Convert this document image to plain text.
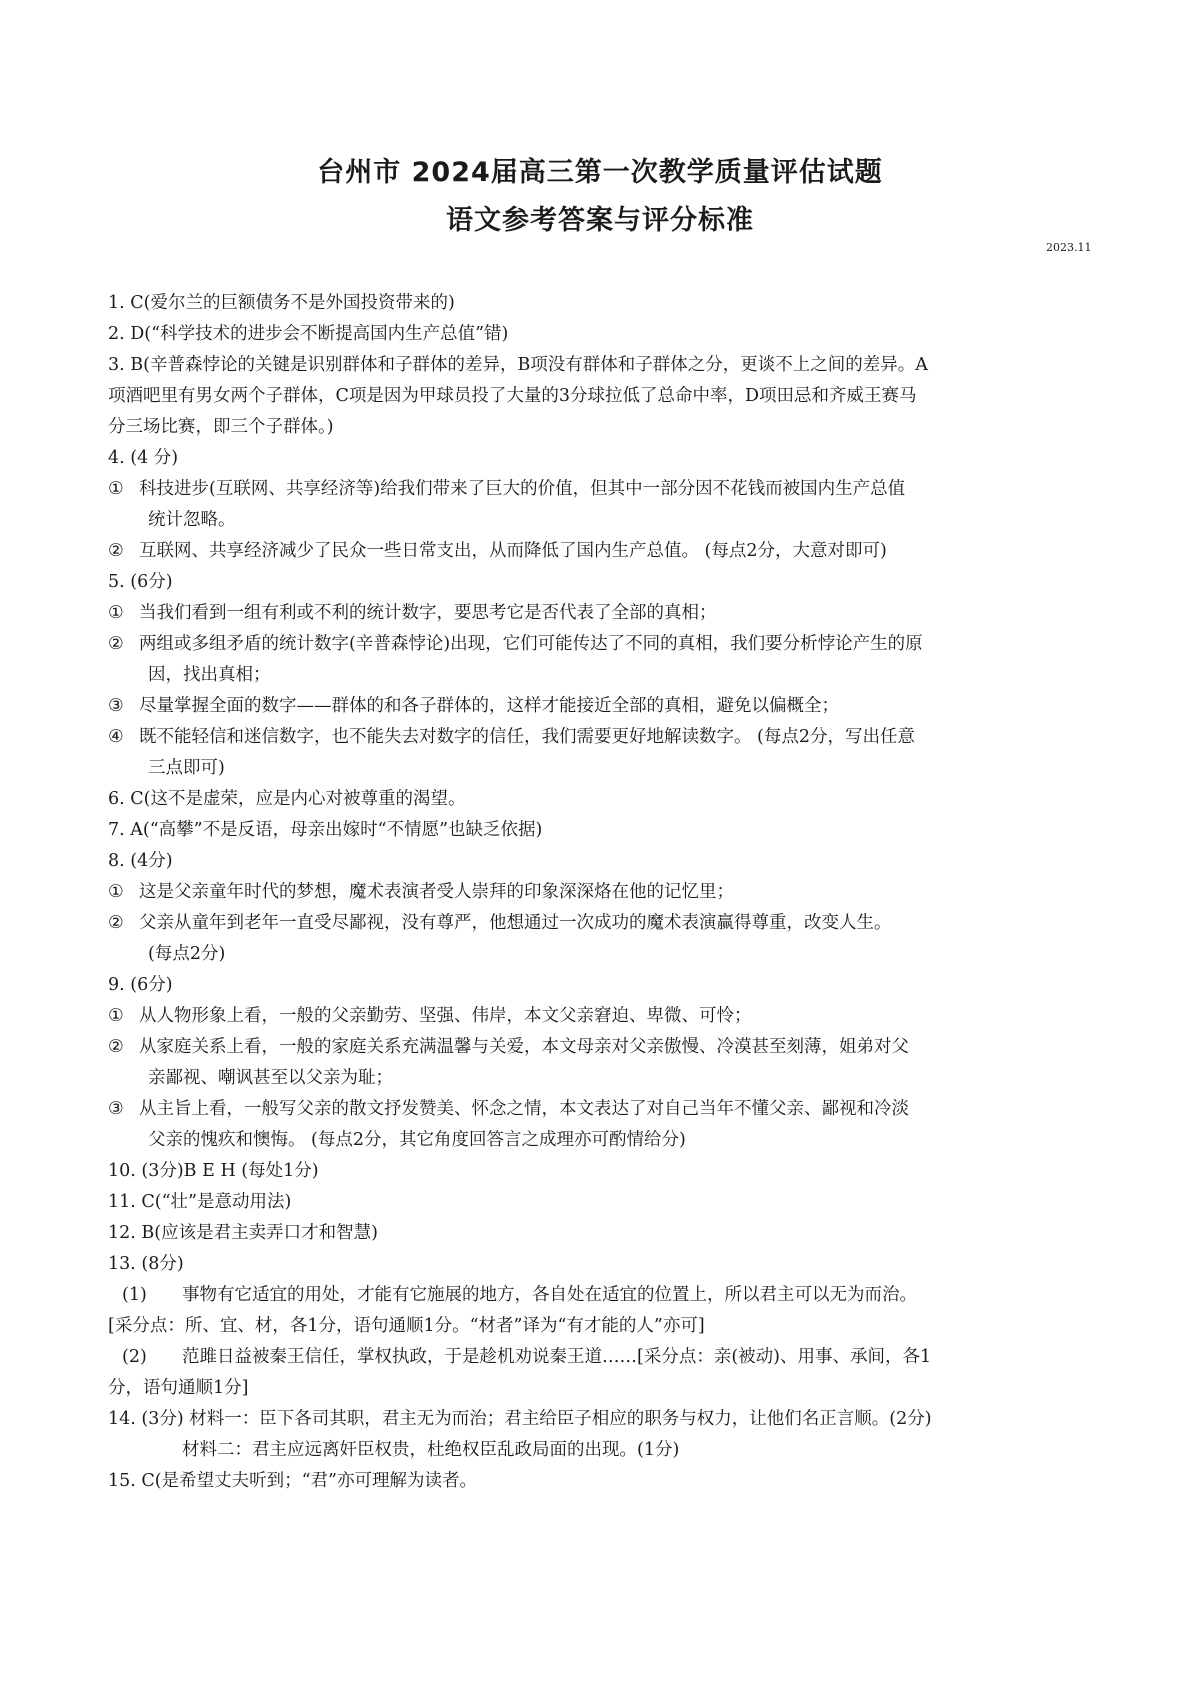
台州市 2024届高三第一次教学质量评估试题
语文参考答案与评分标准
2023.11
1. C(爱尔兰的巨额债务不是外国投资带来的)
2. D(“科学技术的进步会不断提高国内生产总值”错)
3. B(辛普森悖论的关键是识别群体和子群体的差异，B项没有群体和子群体之分，更谈不上之间的差异。A
项酒吧里有男女两个子群体，C项是因为甲球员投了大量的3分球拉低了总命中率，D项田忌和齐威王赛马
分三场比赛，即三个子群体。)
4. (4 分)
① 科技进步(互联网、共享经济等)给我们带来了巨大的价值，但其中一部分因不花钱而被国内生产总值
统计忽略。
② 互联网、共享经济减少了民众一些日常支出，从而降低了国内生产总值。 (每点2分，大意对即可)
5. (6分)
① 当我们看到一组有利或不利的统计数字，要思考它是否代表了全部的真相；
② 两组或多组矛盾的统计数字(辛普森悖论)出现，它们可能传达了不同的真相，我们要分析悖论产生的原
因，找出真相；
③ 尽量掌握全面的数字——群体的和各子群体的，这样才能接近全部的真相，避免以偏概全；
④ 既不能轻信和迷信数字，也不能失去对数字的信任，我们需要更好地解读数字。 (每点2分，写出任意
三点即可)
6. C(这不是虚荣，应是内心对被尊重的渴望。
7. A(“高攀”不是反语，母亲出嫁时“不情愿”也缺乏依据)
8. (4分)
① 这是父亲童年时代的梦想，魔术表演者受人崇拜的印象深深烙在他的记忆里；
② 父亲从童年到老年一直受尽鄙视，没有尊严，他想通过一次成功的魔术表演赢得尊重，改变人生。
(每点2分)
9. (6分)
① 从人物形象上看，一般的父亲勤劳、坚强、伟岸，本文父亲窘迫、卑微、可怜；
② 从家庭关系上看，一般的家庭关系充满温馨与关爱，本文母亲对父亲傲慢、冷漠甚至刻薄，姐弟对父
亲鄙视、嘲讽甚至以父亲为耻；
③ 从主旨上看，一般写父亲的散文抒发赞美、怀念之情，本文表达了对自己当年不懂父亲、鄙视和冷淡
父亲的愧疚和懊悔。 (每点2分，其它角度回答言之成理亦可酌情给分)
10. (3分)B E H (每处1分)
11. C(“壮”是意动用法)
12. B(应该是君主卖弄口才和智慧)
13. (8分)
(1) 事物有它适宜的用处，才能有它施展的地方，各自处在适宜的位置上，所以君主可以无为而治。
[采分点：所、宜、材，各1分，语句通顺1分。“材者”译为“有才能的人”亦可]
(2) 范雎日益被秦王信任，掌权执政，于是趁机劝说秦王道……[采分点：亲(被动)、用事、承间，各1
分，语句通顺1分]
14. (3分) 材料一：臣下各司其职，君主无为而治；君主给臣子相应的职务与权力，让他们名正言顺。(2分)
材料二：君主应远离奸臣权贵，杜绝权臣乱政局面的出现。(1分)
15. C(是希望丈夫听到；“君”亦可理解为读者。
